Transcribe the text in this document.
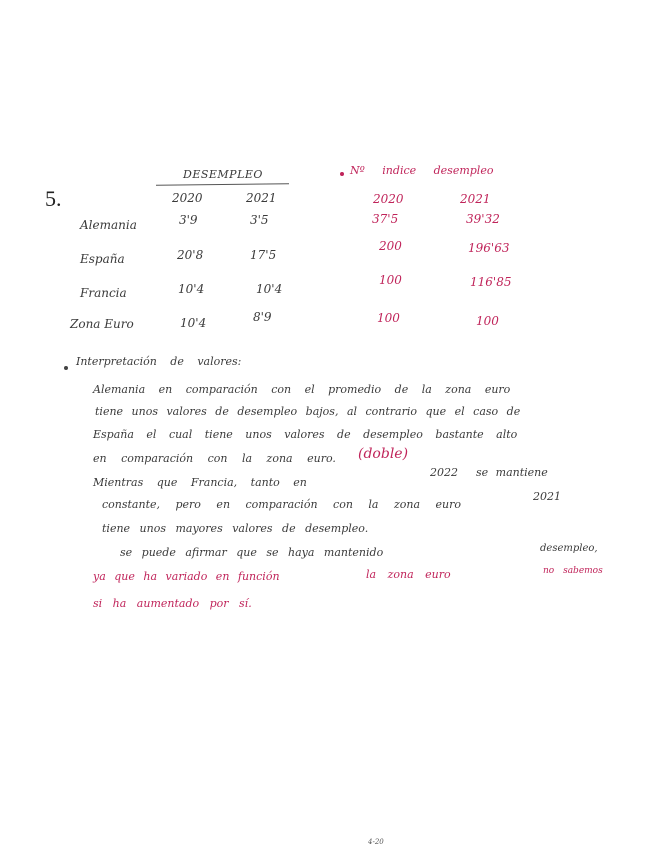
5.
DESEMPLEO
2020	2021
Alemania	3'9	3'5
España	20'8	17'5
Francia	10'4	10'4
Zona Euro	10'4	8'9
Nº indice desempleo
2020	2021
37'5	39'32
200	196'63
100	116'85
100	100
Interpretación de valores:
Alemania en comparación con el promedio de la zona euro
tiene unos valores de desempleo bajos, al contrario que el caso de
España el cual tiene unos valores de desempleo bastante alto
en comparación con la zona euro. (doble)
Mientras que Francia, tanto en
2022 se mantiene
constante, pero en comparación con la zona euro
2021
tiene unos mayores valores de desempleo.
se puede afirmar que se haya mantenido	desempleo,
ya que ha variado en función	la zona euro	no sabemos
si ha aumentado por sí.
4-20
